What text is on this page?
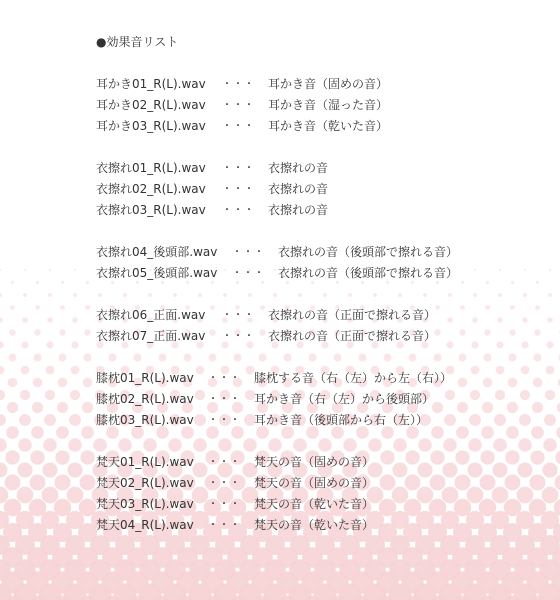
●効果音リスト
耳かき01_R(L).wav ・・・ 耳かき音（固めの音）
耳かき02_R(L).wav ・・・ 耳かき音（湿った音）
耳かき03_R(L).wav ・・・ 耳かき音（乾いた音）
衣擦れ01_R(L).wav ・・・ 衣擦れの音
衣擦れ02_R(L).wav ・・・ 衣擦れの音
衣擦れ03_R(L).wav ・・・ 衣擦れの音
衣擦れ04_後頭部.wav ・・・ 衣擦れの音（後頭部で擦れる音）
衣擦れ05_後頭部.wav ・・・ 衣擦れの音（後頭部で擦れる音）
衣擦れ06_正面.wav ・・・ 衣擦れの音（正面で擦れる音）
衣擦れ07_正面.wav ・・・ 衣擦れの音（正面で擦れる音）
膝枕01_R(L).wav ・・・ 膝枕する音（右（左）から左（右））
膝枕02_R(L).wav ・・・ 耳かき音（右（左）から後頭部）
膝枕03_R(L).wav ・・・ 耳かき音（後頭部から右（左））
梵天01_R(L).wav ・・・ 梵天の音（固めの音）
梵天02_R(L).wav ・・・ 梵天の音（固めの音）
梵天03_R(L).wav ・・・ 梵天の音（乾いた音）
梵天04_R(L).wav ・・・ 梵天の音（乾いた音）
